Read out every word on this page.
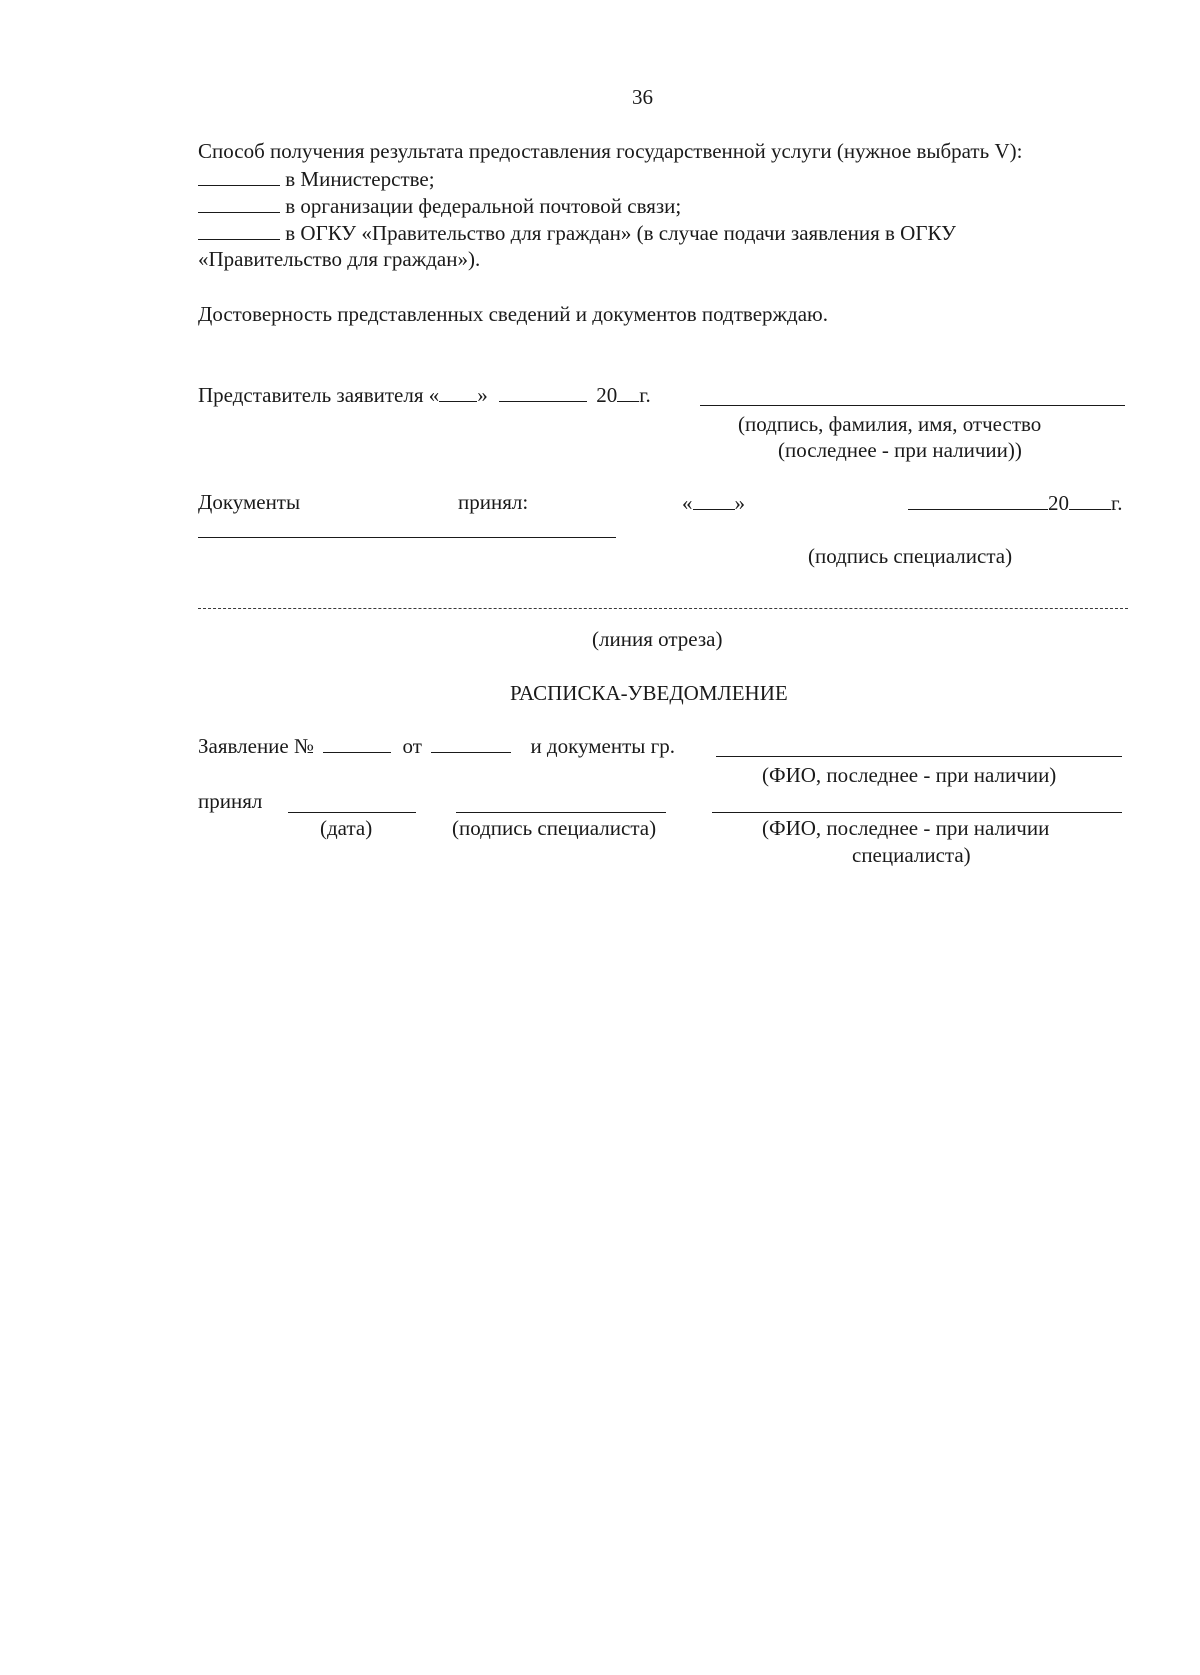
36
Способ получения результата предоставления государственной услуги (нужное выбрать V):
в Министерстве;
в организации федеральной почтовой связи;
в ОГКУ «Правительство для граждан» (в случае подачи заявления в ОГКУ
«Правительство для граждан»).
Достоверность представленных сведений и документов подтверждаю.
Представитель заявителя « »	20 г.
(подпись, фамилия, имя, отчество
(последнее - при наличии))
Документы	принял:	« »	20 г.
(подпись специалиста)
(линия отреза)
РАСПИСКА-УВЕДОМЛЕНИЕ
Заявление №	от	и документы гр.
(ФИО, последнее - при наличии)
принял
(дата)	(подпись специалиста)	(ФИО, последнее - при наличии
специалиста)
